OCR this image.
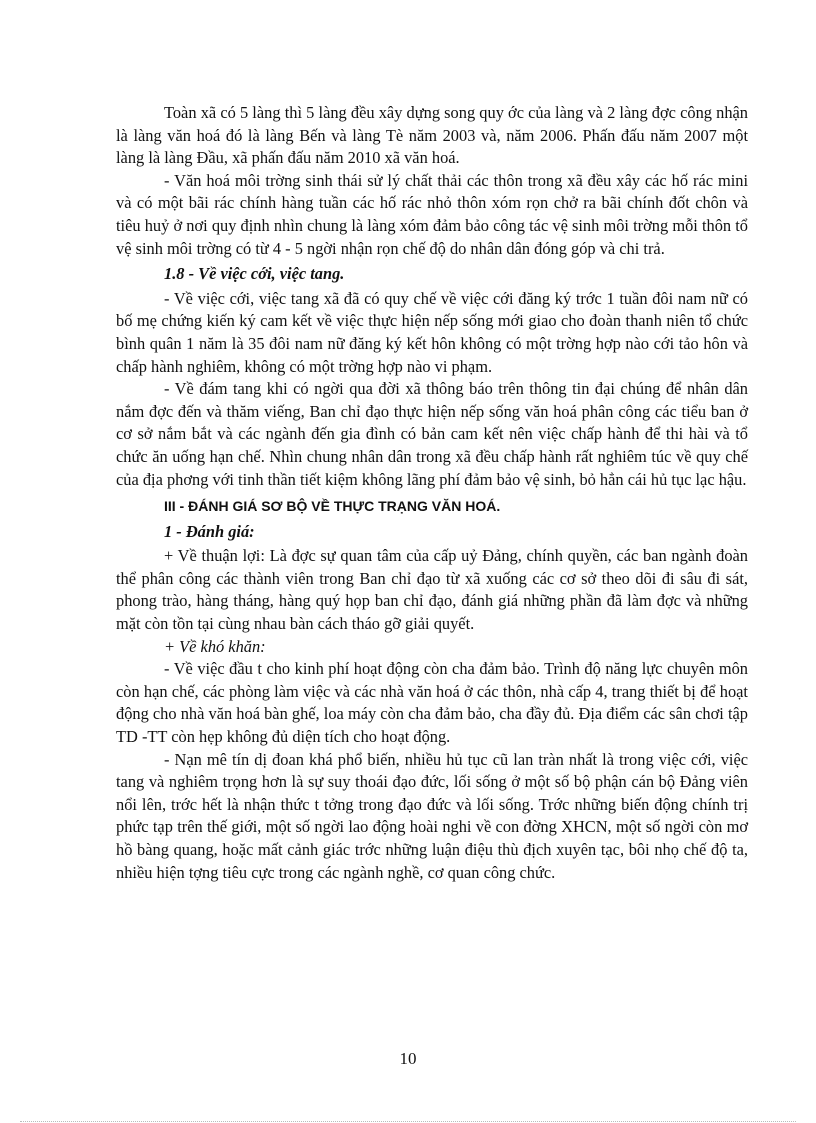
Toàn xã có 5 làng thì 5 làng đều xây dựng song quy ớc của làng và 2 làng đợc công nhận là làng văn hoá đó là làng Bến và làng Tè năm 2003 và, năm 2006. Phấn đấu năm 2007 một làng là làng Đầu, xã phấn đấu năm 2010 xã văn hoá.

- Văn hoá môi trờng sinh thái sử lý chất thải các thôn trong xã đều xây các hố rác mini và có một bãi rác chính hàng tuần các hố rác nhỏ thôn xóm rọn chở ra bãi chính đốt chôn và tiêu huỷ ở nơi quy định nhìn chung là làng xóm đảm bảo công tác vệ sinh môi trờng mỗi thôn tổ vệ sinh môi trờng có từ 4 - 5 ngời nhận rọn chế độ do nhân dân đóng góp và chi trả.

1.8 - Về việc cới, việc tang.

- Về việc cới, việc tang xã đã có quy chế về việc cới đăng ký trớc 1 tuần đôi nam nữ có bố mẹ chứng kiến ký cam kết về việc thực hiện nếp sống mới giao cho đoàn thanh niên tổ chức bình quân 1 năm là 35 đôi nam nữ đăng ký kết hôn không có một trờng hợp nào cới tảo hôn và chấp hành nghiêm, không có một trờng hợp nào vi phạm.

- Về đám tang khi có ngời qua đời xã thông báo trên thông tin đại chúng để nhân dân nắm đợc đến và thăm viếng, Ban chỉ đạo thực hiện nếp sống văn hoá phân công các tiểu ban ở cơ sở nắm bắt và các ngành đến gia đình có bản cam kết nên việc chấp hành để thi hài và tổ chức ăn uống hạn chế. Nhìn chung nhân dân trong xã đều chấp hành rất nghiêm túc về quy chế của địa phơng với tinh thần tiết kiệm không lãng phí đảm bảo vệ sinh, bỏ hẳn cái hủ tục lạc hậu.

III - ĐÁNH GIÁ SƠ BỘ VỀ THỰC TRẠNG VĂN HOÁ.

1 - Đánh giá:

+ Về thuận lợi: Là đợc sự quan tâm của cấp uỷ Đảng, chính quyền, các ban ngành đoàn thể phân công các thành viên trong Ban chỉ đạo từ xã xuống các cơ sở theo dõi đi sâu đi sát, phong trào, hàng tháng, hàng quý họp ban chỉ đạo, đánh giá những phần đã làm đợc và những mặt còn tồn tại cùng nhau bàn cách tháo gỡ giải quyết.

+ Về khó khăn:

- Về việc đầu t cho kinh phí hoạt động còn cha đảm bảo. Trình độ năng lực chuyên môn còn hạn chế, các phòng làm việc và các nhà văn hoá ở các thôn, nhà cấp 4, trang thiết bị để hoạt động cho nhà văn hoá bàn ghế, loa máy còn cha đảm bảo, cha đầy đủ. Địa điểm các sân chơi tập TD -TT còn hẹp không đủ diện tích cho hoạt động.

- Nạn mê tín dị đoan khá phổ biến, nhiều hủ tục cũ lan tràn nhất là trong việc cới, việc tang và nghiêm trọng hơn là sự suy thoái đạo đức, lối sống ở một số bộ phận cán bộ Đảng viên nổi lên, trớc hết là nhận thức t tởng trong đạo đức và lối sống. Trớc những biến động chính trị phức tạp trên thế giới, một số ngời lao động hoài nghi về con đờng XHCN, một số ngời còn mơ hồ bàng quang, hoặc mất cảnh giác trớc những luận điệu thù địch xuyên tạc, bôi nhọ chế độ ta, nhiều hiện tợng tiêu cực trong các ngành nghề, cơ quan công chức.

10
